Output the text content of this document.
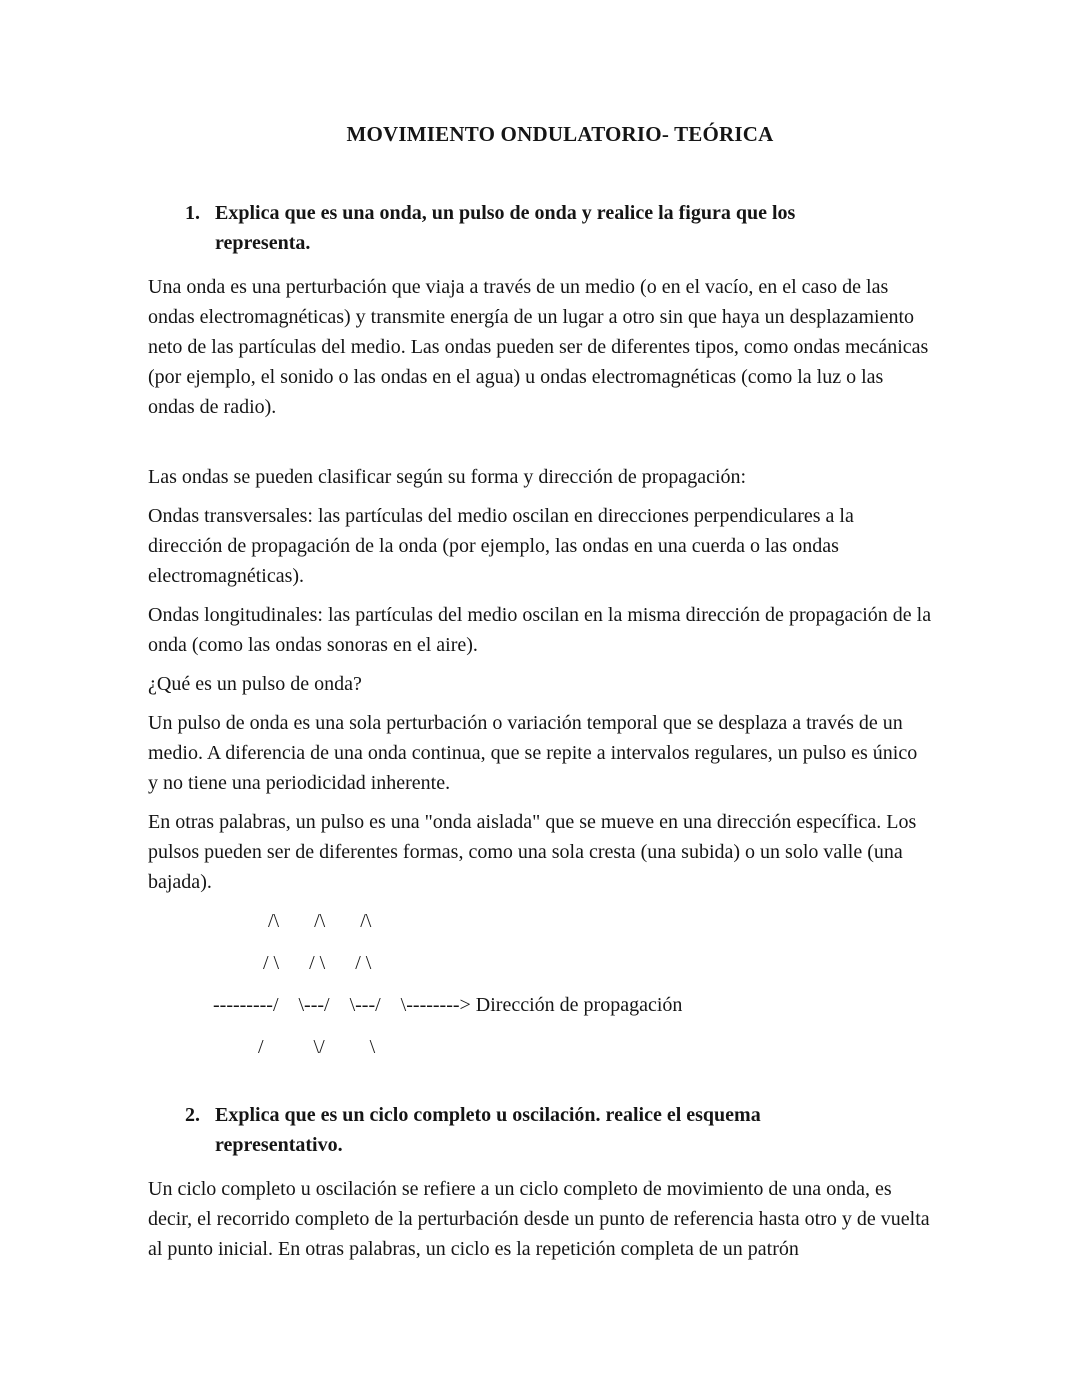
MOVIMIENTO ONDULATORIO- TEÓRICA
1. Explica que es una onda, un pulso de onda y realice la figura que los representa.

Una onda es una perturbación que viaja a través de un medio (o en el vacío, en el caso de las ondas electromagnéticas) y transmite energía de un lugar a otro sin que haya un desplazamiento neto de las partículas del medio. Las ondas pueden ser de diferentes tipos, como ondas mecánicas (por ejemplo, el sonido o las ondas en el agua) u ondas electromagnéticas (como la luz o las ondas de radio).

Las ondas se pueden clasificar según su forma y dirección de propagación:

Ondas transversales: las partículas del medio oscilan en direcciones perpendiculares a la dirección de propagación de la onda (por ejemplo, las ondas en una cuerda o las ondas electromagnéticas).

Ondas longitudinales: las partículas del medio oscilan en la misma dirección de propagación de la onda (como las ondas sonoras en el aire).

¿Qué es un pulso de onda?

Un pulso de onda es una sola perturbación o variación temporal que se desplaza a través de un medio. A diferencia de una onda continua, que se repite a intervalos regulares, un pulso es único y no tiene una periodicidad inherente.

En otras palabras, un pulso es una "onda aislada" que se mueve en una dirección específica. Los pulsos pueden ser de diferentes formas, como una sola cresta (una subida) o un solo valle (una bajada).

/\       /\       /\
/ \      / \      / \
---------/    \---/    \---/    \--------> Dirección de propagación
/          \/         \
2. Explica que es un ciclo completo u oscilación. realice el esquema representativo.

Un ciclo completo u oscilación se refiere a un ciclo completo de movimiento de una onda, es decir, el recorrido completo de la perturbación desde un punto de referencia hasta otro y de vuelta al punto inicial. En otras palabras, un ciclo es la repetición completa de un patrón
